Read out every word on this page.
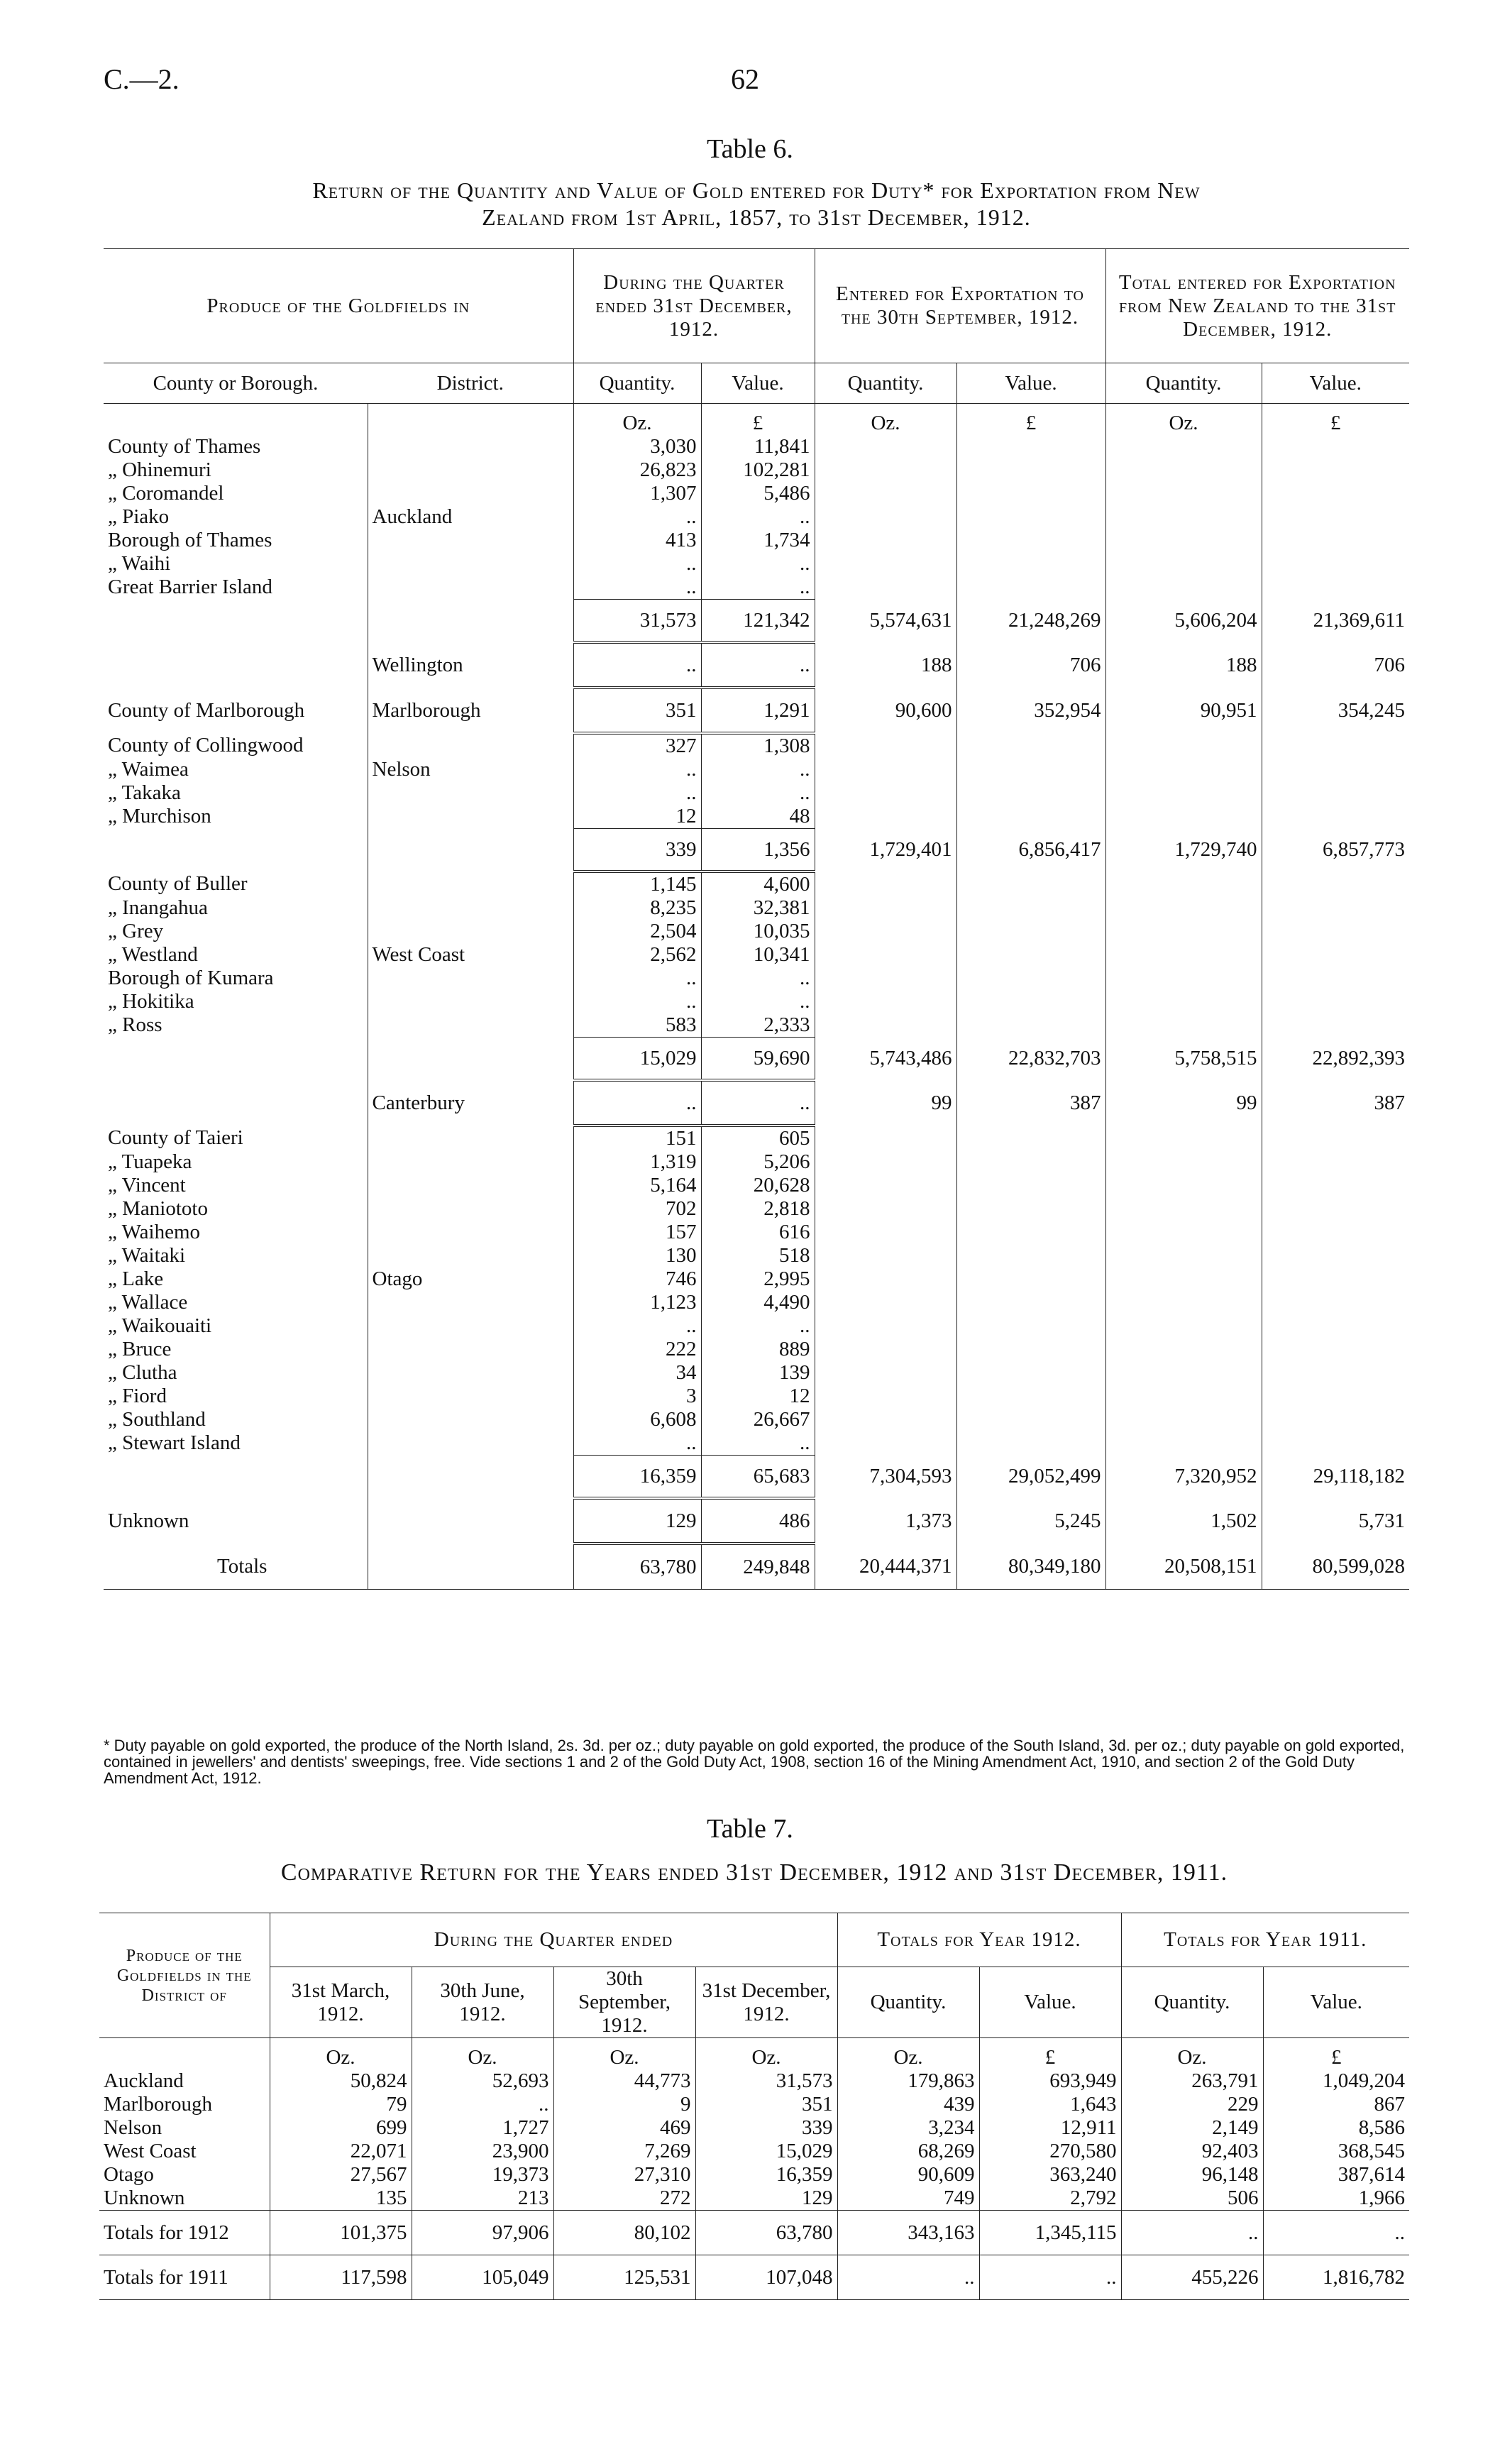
C.—2.	62
Table 6.
Return of the Quantity and Value of Gold entered for Duty* for Exportation from New
Zealand from 1st April, 1857, to 31st December, 1912.
Produce of the Goldfields in		During the Quarter ended 31st December, 1912.		Entered for Exportation to the 30th September, 1912.		Total entered for Exportation from New Zealand to the 31st December, 1912.	
County or Borough.	District.	Quantity.	Value.	Quantity.	Value.	Quantity.	Value.
		Oz.	£	Oz.	£	Oz.	£
County of Thames		3,030	11,841				
„ Ohinemuri		26,823	102,281				
„ Coromandel		1,307	5,486				
„ Piako	Auckland	..	..				
Borough of Thames		413	1,734				
„ Waihi		..	..				
Great Barrier Island		..	..				
		31,573	121,342	5,574,631	21,248,269	5,606,204	21,369,611
	Wellington	..	..	188	706	188	706
County of Marlborough	Marlborough	351	1,291	90,600	352,954	90,951	354,245
County of Collingwood		327	1,308				
„ Waimea	Nelson	..	..				
„ Takaka		..	..				
„ Murchison		12	48				
		339	1,356	1,729,401	6,856,417	1,729,740	6,857,773
County of Buller		1,145	4,600				
„ Inangahua		8,235	32,381				
„ Grey		2,504	10,035				
„ Westland	West Coast	2,562	10,341				
Borough of Kumara		..	..				
„ Hokitika		..	..				
„ Ross		583	2,333				
		15,029	59,690	5,743,486	22,832,703	5,758,515	22,892,393
	Canterbury	..	..	99	387	99	387
County of Taieri		151	605				
„ Tuapeka		1,319	5,206				
„ Vincent		5,164	20,628				
„ Maniototo		702	2,818				
„ Waihemo		157	616				
„ Waitaki		130	518				
„ Lake	Otago	746	2,995				
„ Wallace		1,123	4,490				
„ Waikouaiti		..	..				
„ Bruce		222	889				
„ Clutha		34	139				
„ Fiord		3	12				
„ Southland		6,608	26,667				
„ Stewart Island		..	..				
		16,359	65,683	7,304,593	29,052,499	7,320,952	29,118,182
Unknown		129	486	1,373	5,245	1,502	5,731
Totals		63,780	249,848	20,444,371	80,349,180	20,508,151	80,599,028
* Duty payable on gold exported, the produce of the North Island, 2s. 3d. per oz.; duty payable on gold exported, the produce of the South Island, 3d. per oz.; duty payable on gold exported, contained in jewellers' and dentists' sweepings, free. Vide sections 1 and 2 of the Gold Duty Act, 1908, section 16 of the Mining Amendment Act, 1910, and section 2 of the Gold Duty Amendment Act, 1912.
Table 7.
Comparative Return for the Years ended 31st December, 1912 and 31st December, 1911.
Produce of the Goldfields in the District of	During the Quarter ended				Totals for Year 1912.		Totals for Year 1911.	
	31st March, 1912.	30th June, 1912.	30th September, 1912.	31st December, 1912.	Quantity.	Value.	Quantity.	Value.
	Oz.	Oz.	Oz.	Oz.	Oz.	£	Oz.	£
Auckland	50,824	52,693	44,773	31,573	179,863	693,949	263,791	1,049,204
Marlborough	79	..	9	351	439	1,643	229	867
Nelson	699	1,727	469	339	3,234	12,911	2,149	8,586
West Coast	22,071	23,900	7,269	15,029	68,269	270,580	92,403	368,545
Otago	27,567	19,373	27,310	16,359	90,609	363,240	96,148	387,614
Unknown	135	213	272	129	749	2,792	506	1,966
Totals for 1912	101,375	97,906	80,102	63,780	343,163	1,345,115	..	..
Totals for 1911	117,598	105,049	125,531	107,048	..	..	455,226	1,816,782
